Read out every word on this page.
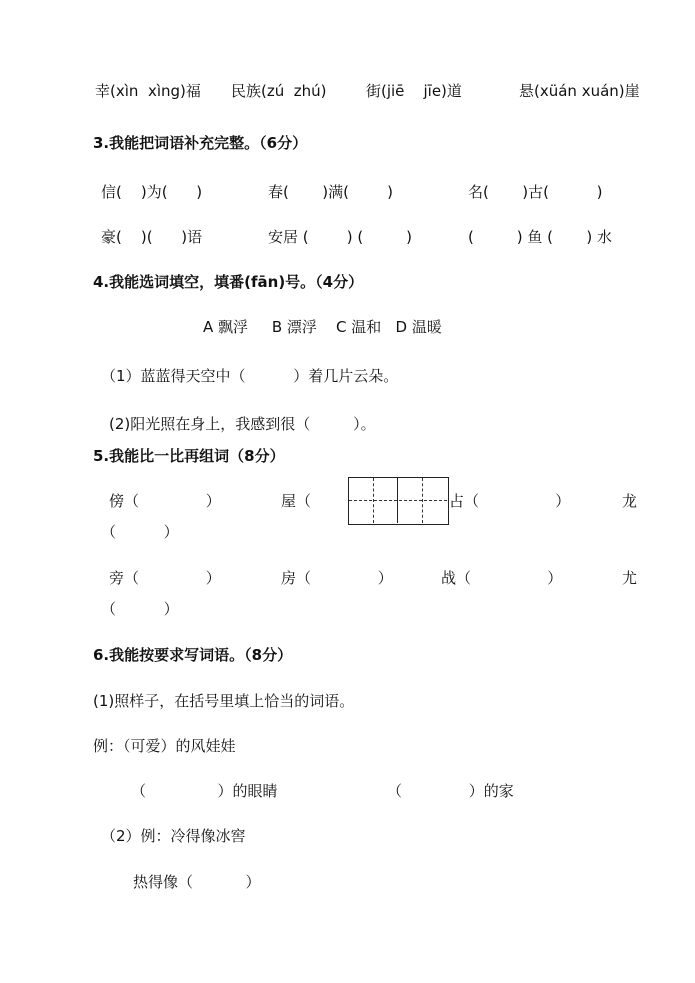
幸(xìn  xìng)福 民族(zú  zhú)	街(jiē    jīe)道	悬(xüán xuán)崖
3.我能把词语补充完整。（6分）
信(    )为(      )	春(       )满(        )	名(       )古(          )
豪(    )(      )语	安居 (        ) (         )	(         ) 鱼 (       ) 水
4.我能选词填空，填番(fān)号。（4分）
A 飘浮     B 漂浮    C 温和   D 温暖
（1）蓝蓝得天空中（          ）着几片云朵。
(2)阳光照在身上，我感到很（         ）。
5.我能比一比再组词（8分）
傍（              ）	屋（	占（                ）	龙
（          ）
旁（              ）	房（              ）	战（                ）	尤
（          ）
6.我能按要求写词语。（8分）
(1)照样子，在括号里填上恰当的词语。
例：（可爱）的风娃娃
（               ）的眼睛	（              ）的家
（2）例：冷得像冰窖
热得像（           ）
